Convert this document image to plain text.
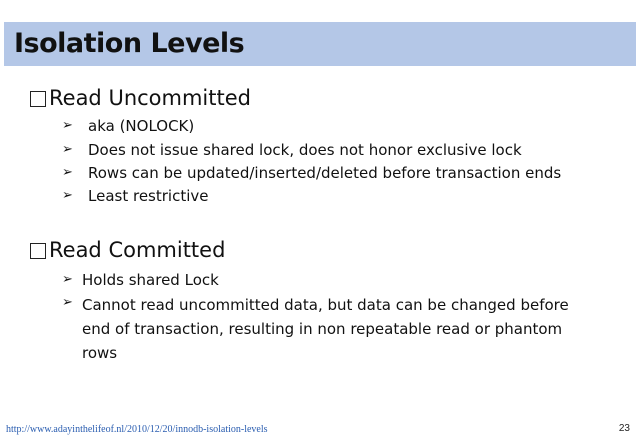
Isolation Levels
Read Uncommitted
➢ aka (NOLOCK)
➢ Does not issue shared lock, does not honor exclusive lock
➢ Rows can be updated/inserted/deleted before transaction ends
➢ Least restrictive
Read Committed
➢ Holds shared Lock
➢ Cannot read uncommitted data, but data can be changed before end of transaction, resulting in non repeatable read or phantom rows
http://www.adayinthelifeof.nl/2010/12/20/innodb-isolation-levels	23
